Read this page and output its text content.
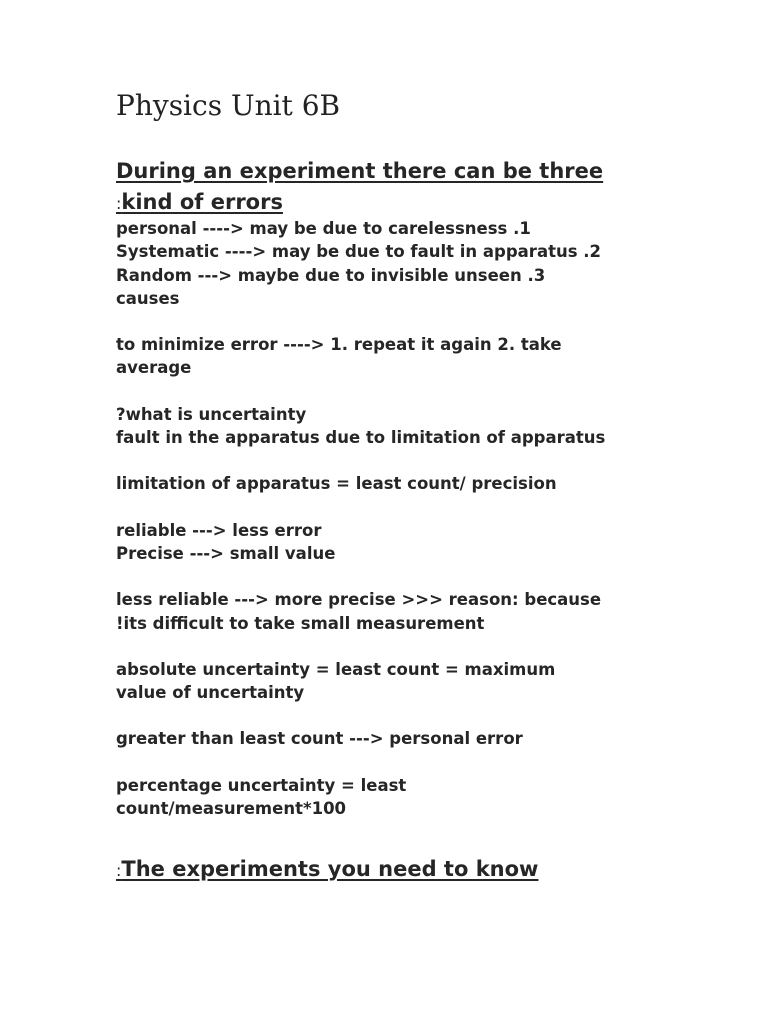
Physics Unit 6B
During an experiment there can be three
:kind of errors
personal ----> may be due to carelessness .1
Systematic ----> may be due to fault in apparatus .2
Random ---> maybe due to invisible unseen .3
causes
to minimize error ----> 1. repeat it again 2. take
average
?what is uncertainty
fault in the apparatus due to limitation of apparatus
limitation of apparatus = least count/ precision
reliable ---> less error
Precise ---> small value
less reliable ---> more precise >>> reason: because
!its difficult to take small measurement
absolute uncertainty = least count = maximum
value of uncertainty
greater than least count ---> personal error
percentage uncertainty = least
count/measurement*100
:The experiments you need to know
